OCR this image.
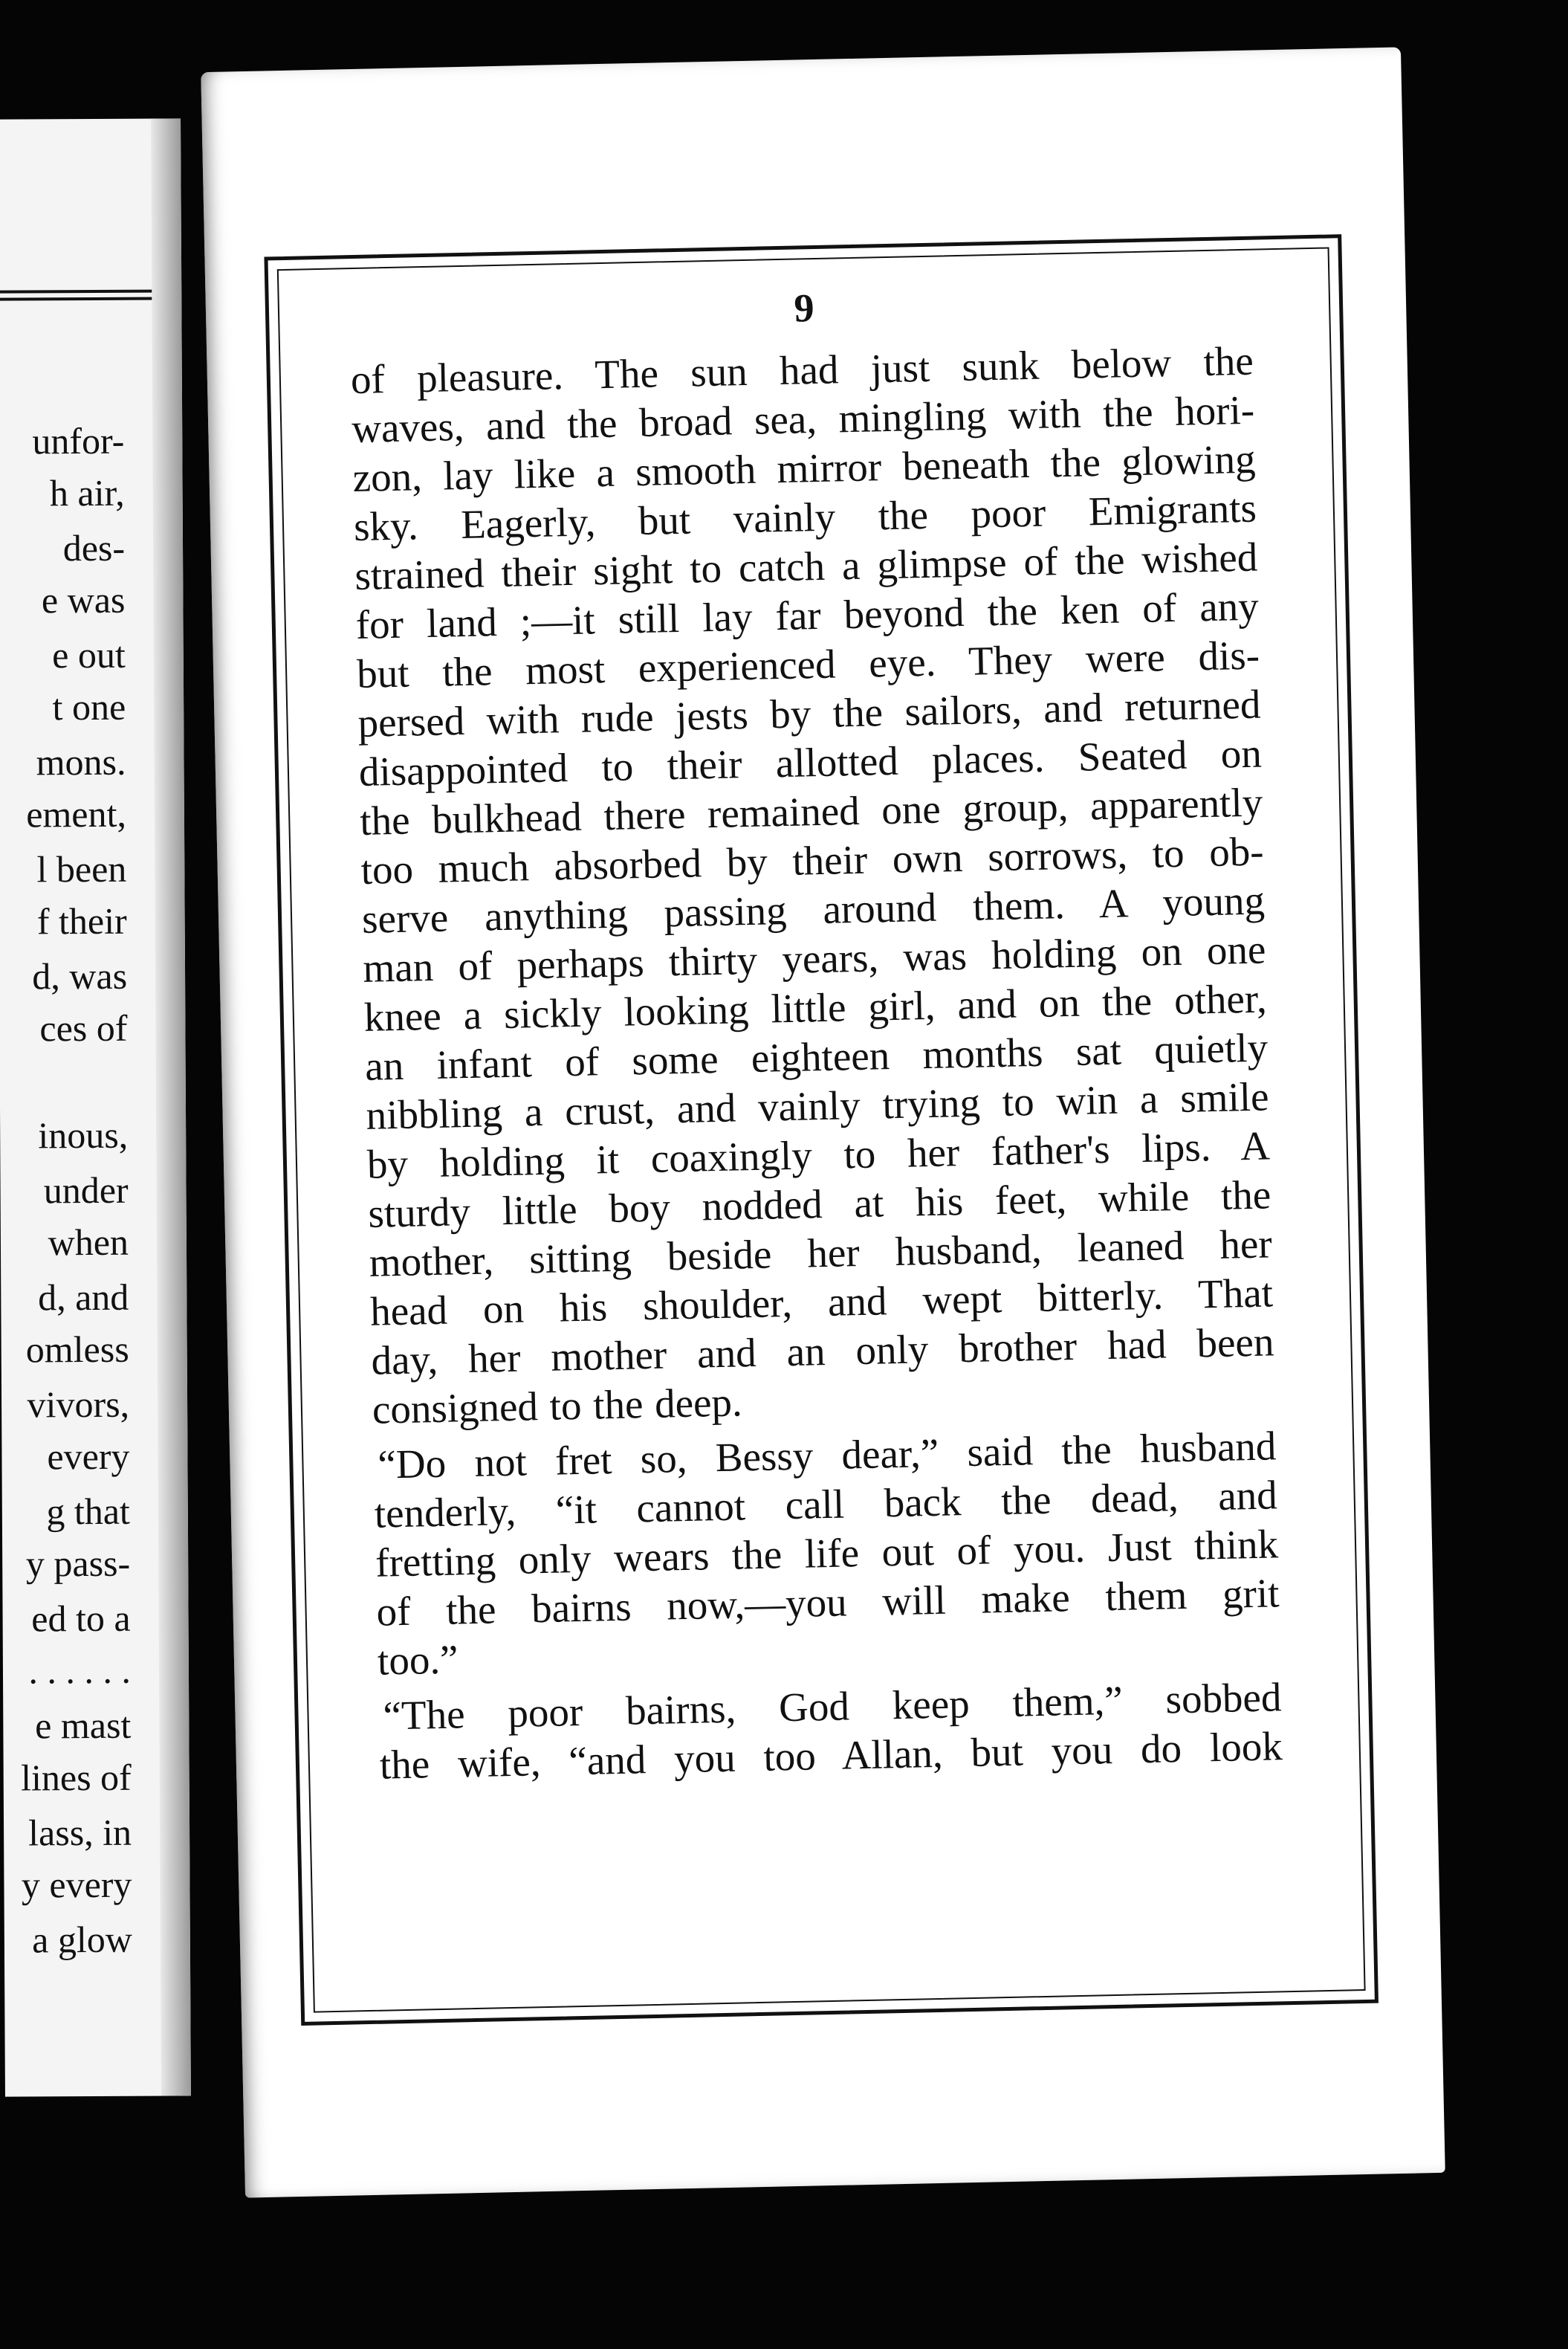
unfor-
h air,
des-
e was
e out
t one
mons.
ement,
l been
f their
d, was
ces of
inous,
under
when
d, and
omless
vivors,
every
g that
y pass-
ed to a
. . . . . .
e mast
lines of
lass, in
y every
a glow
9
of pleasure. The sun had just sunk below the
waves, and the broad sea, mingling with the hori-
zon, lay like a smooth mirror beneath the glowing
sky. Eagerly, but vainly the poor Emigrants
strained their sight to catch a glimpse of the wished
for land ;—it still lay far beyond the ken of any
but the most experienced eye. They were dis-
persed with rude jests by the sailors, and returned
disappointed to their allotted places. Seated on
the bulkhead there remained one group, apparently
too much absorbed by their own sorrows, to ob-
serve anything passing around them. A young
man of perhaps thirty years, was holding on one
knee a sickly looking little girl, and on the other,
an infant of some eighteen months sat quietly
nibbling a crust, and vainly trying to win a smile
by holding it coaxingly to her father's lips. A
sturdy little boy nodded at his feet, while the
mother, sitting beside her husband, leaned her
head on his shoulder, and wept bitterly. That
day, her mother and an only brother had been
consigned to the deep.
“Do not fret so, Bessy dear,” said the husband
tenderly, “it cannot call back the dead, and
fretting only wears the life out of you. Just think
of the bairns now,—you will make them grit
too.”
“The poor bairns, God keep them,” sobbed
the wife, “and you too Allan, but you do look
